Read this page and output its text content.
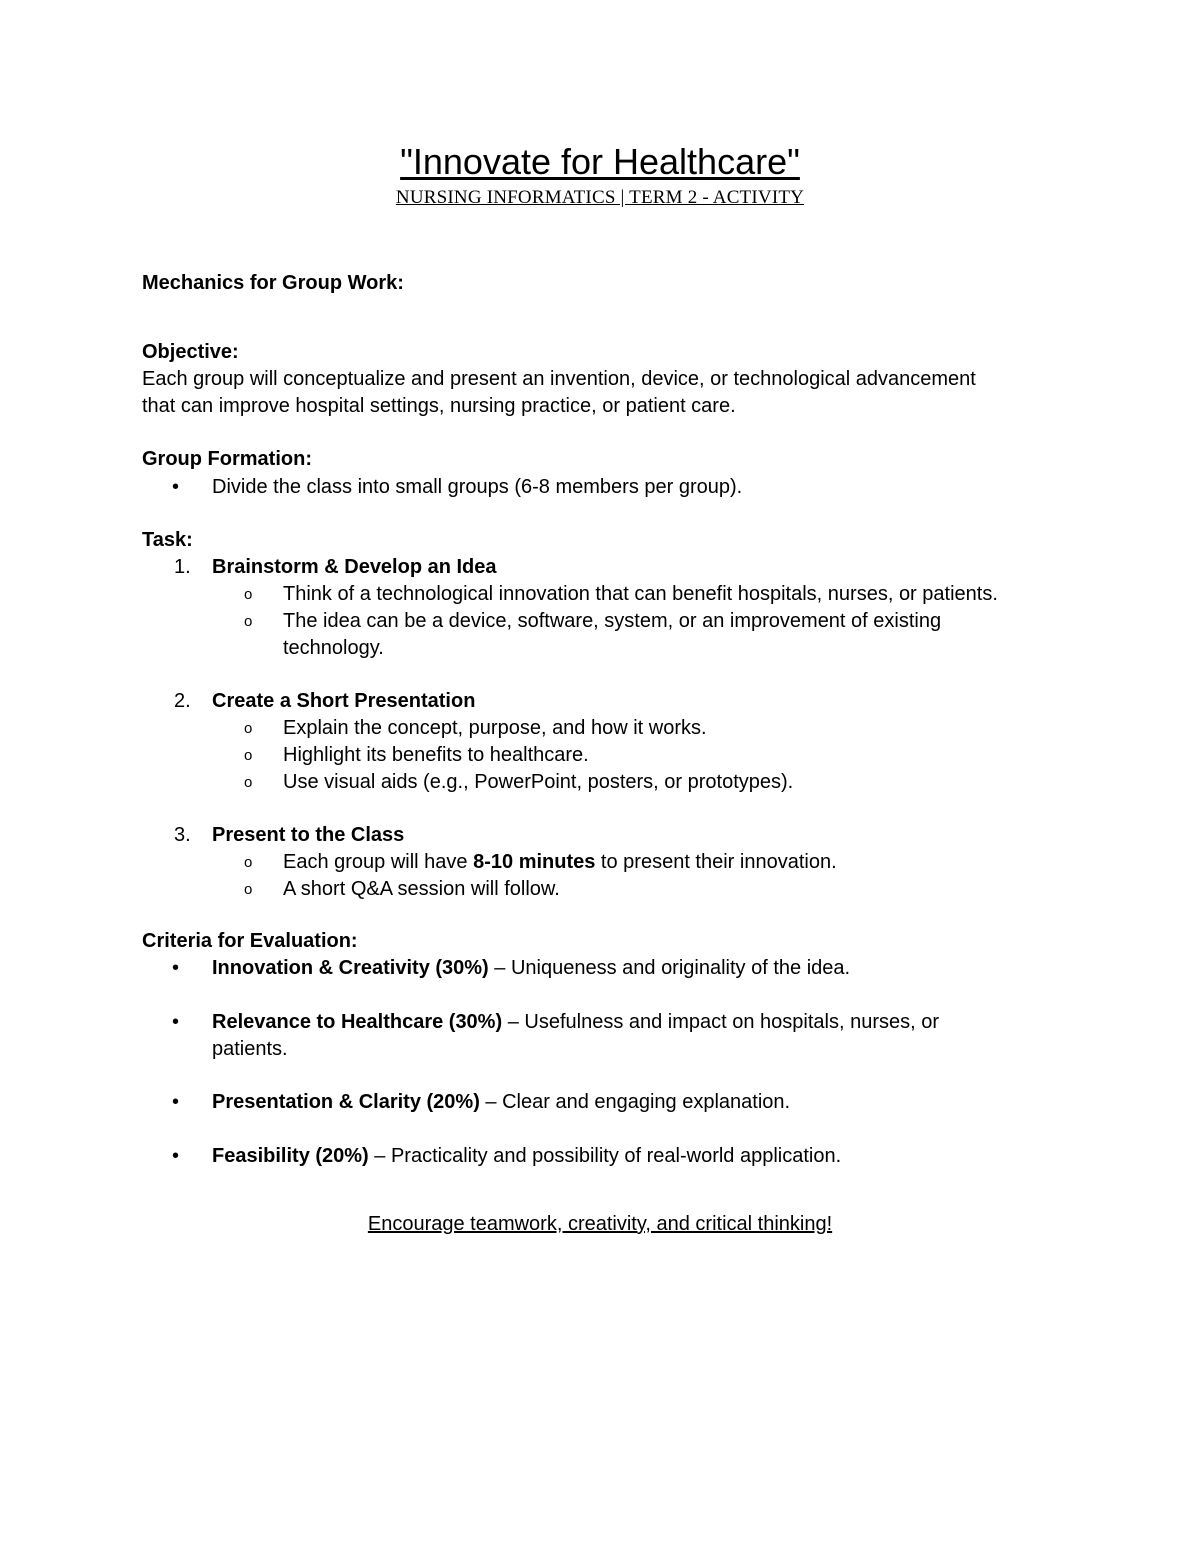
"Innovate for Healthcare"
NURSING INFORMATICS | TERM 2 - ACTIVITY
Mechanics for Group Work:
Objective:
Each group will conceptualize and present an invention, device, or technological advancement
that can improve hospital settings, nursing practice, or patient care.
Group Formation:
• Divide the class into small groups (6-8 members per group).
Task:
1. Brainstorm & Develop an Idea
o Think of a technological innovation that can benefit hospitals, nurses, or patients.
o The idea can be a device, software, system, or an improvement of existing
technology.
2. Create a Short Presentation
o Explain the concept, purpose, and how it works.
o Highlight its benefits to healthcare.
o Use visual aids (e.g., PowerPoint, posters, or prototypes).
3. Present to the Class
o Each group will have 8-10 minutes to present their innovation.
o A short Q&A session will follow.
Criteria for Evaluation:
• Innovation & Creativity (30%) – Uniqueness and originality of the idea.
• Relevance to Healthcare (30%) – Usefulness and impact on hospitals, nurses, or
patients.
• Presentation & Clarity (20%) – Clear and engaging explanation.
• Feasibility (20%) – Practicality and possibility of real-world application.
Encourage teamwork, creativity, and critical thinking!
